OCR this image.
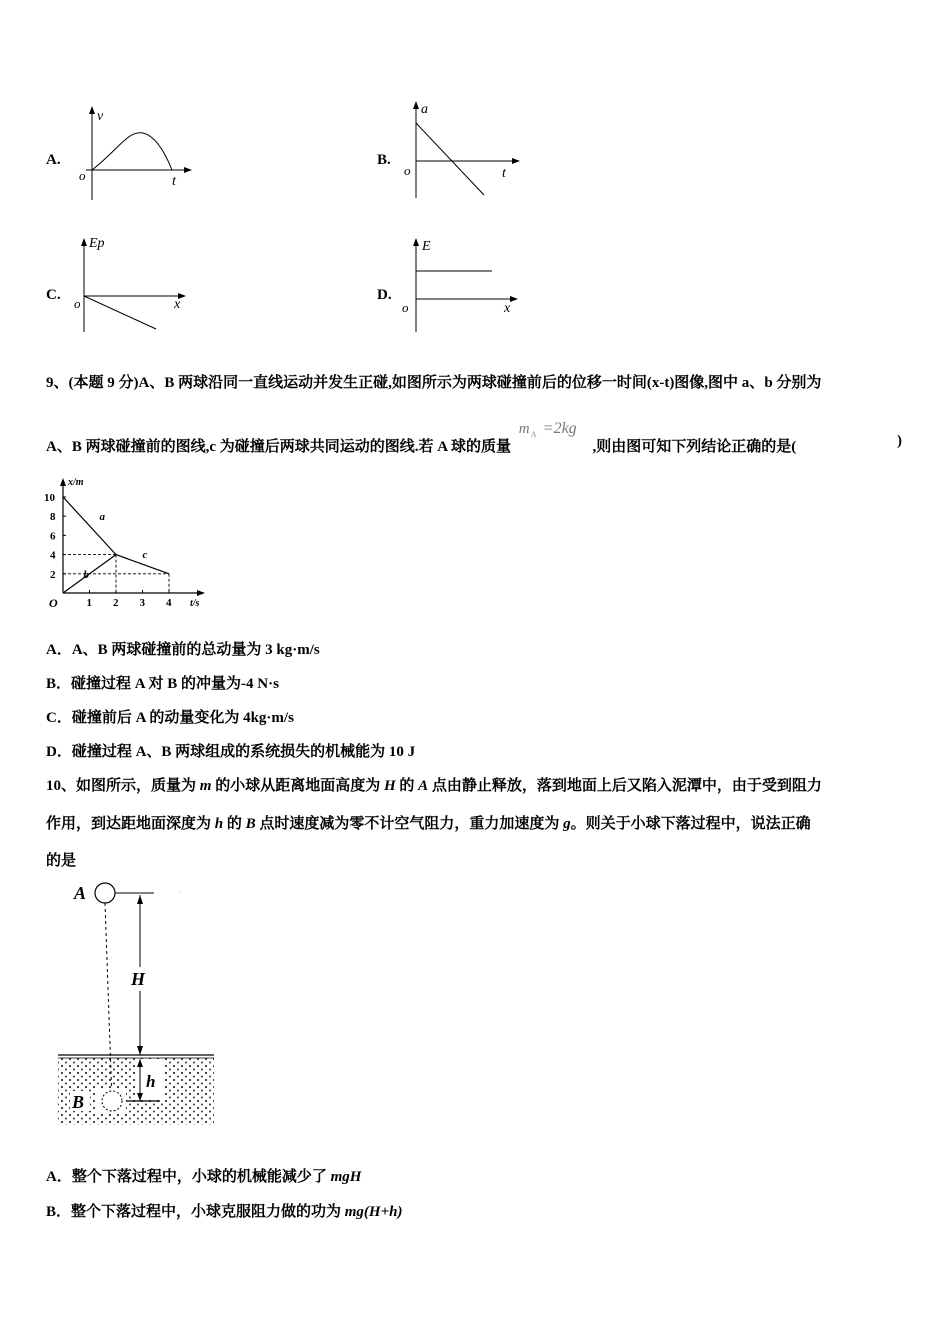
A.
v
o	t
B.
a
o	t
C.
Ep
o	x
D.
E
o	x
9、(本题 9 分)A、B 两球沿同一直线运动并发生正碰,如图所示为两球碰撞前后的位移一时间(x-t)图像,图中 a、b 分别为
A、B 两球碰撞前的图线,c 为碰撞后两球共同运动的图线.若 A 球的质量
m A =2kg
,则由图可知下列结论正确的是(	)
x/m
t/s
O	1 2 3 4
2
4
6
8
10
a
b
c
A．A、B 两球碰撞前的总动量为 3 kg·m/s
B．碰撞过程 A 对 B 的冲量为-4 N·s
C．碰撞前后 A 的动量变化为 4kg·m/s
D．碰撞过程 A、B 两球组成的系统损失的机械能为 10 J
10、如图所示，质量为 m 的小球从距离地面高度为 H 的 A 点由静止释放，落到地面上后又陷入泥潭中，由于受到阻力
作用，到达距地面深度为 h 的 B 点时速度减为零不计空气阻力，重力加速度为 g。则关于小球下落过程中，说法正确
的是
A	·
H
h
B
A．整个下落过程中，小球的机械能减少了 mgH
B．整个下落过程中，小球克服阻力做的功为 mg(H+h)
